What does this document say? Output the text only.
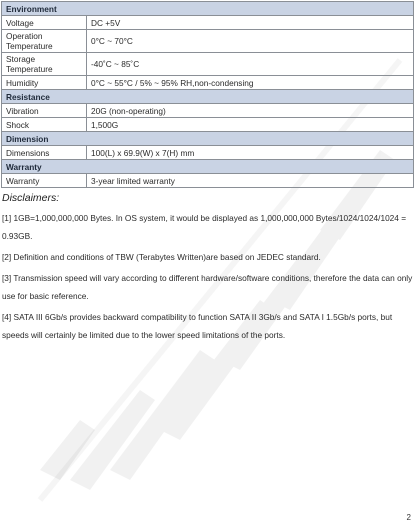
Environment	
Voltage	DC +5V
Operation
Temperature	0°C ~ 70°C
Storage Temperature	-40˚C ~ 85˚C
Humidity	0°C ~ 55°C / 5% ~ 95% RH,non-condensing
Resistance	
Vibration	20G (non-operating)
Shock	1,500G
Dimension	
Dimensions	100(L) x 69.9(W) x 7(H) mm
Warranty	
Warranty	3-year limited warranty
Disclaimers:
[1] 1GB=1,000,000,000 Bytes. In OS system, it would be displayed as 1,000,000,000 Bytes/1024/1024/1024 = 0.93GB.
[2] Definition and conditions of TBW (Terabytes Written)are based on JEDEC standard.
[3] Transmission speed will vary according to different hardware/software conditions, therefore the data can only use for basic reference.
[4] SATA III 6Gb/s provides backward compatibility to function SATA II 3Gb/s and SATA I 1.5Gb/s ports, but speeds will certainly be limited due to the lower speed limitations of the ports.
2
